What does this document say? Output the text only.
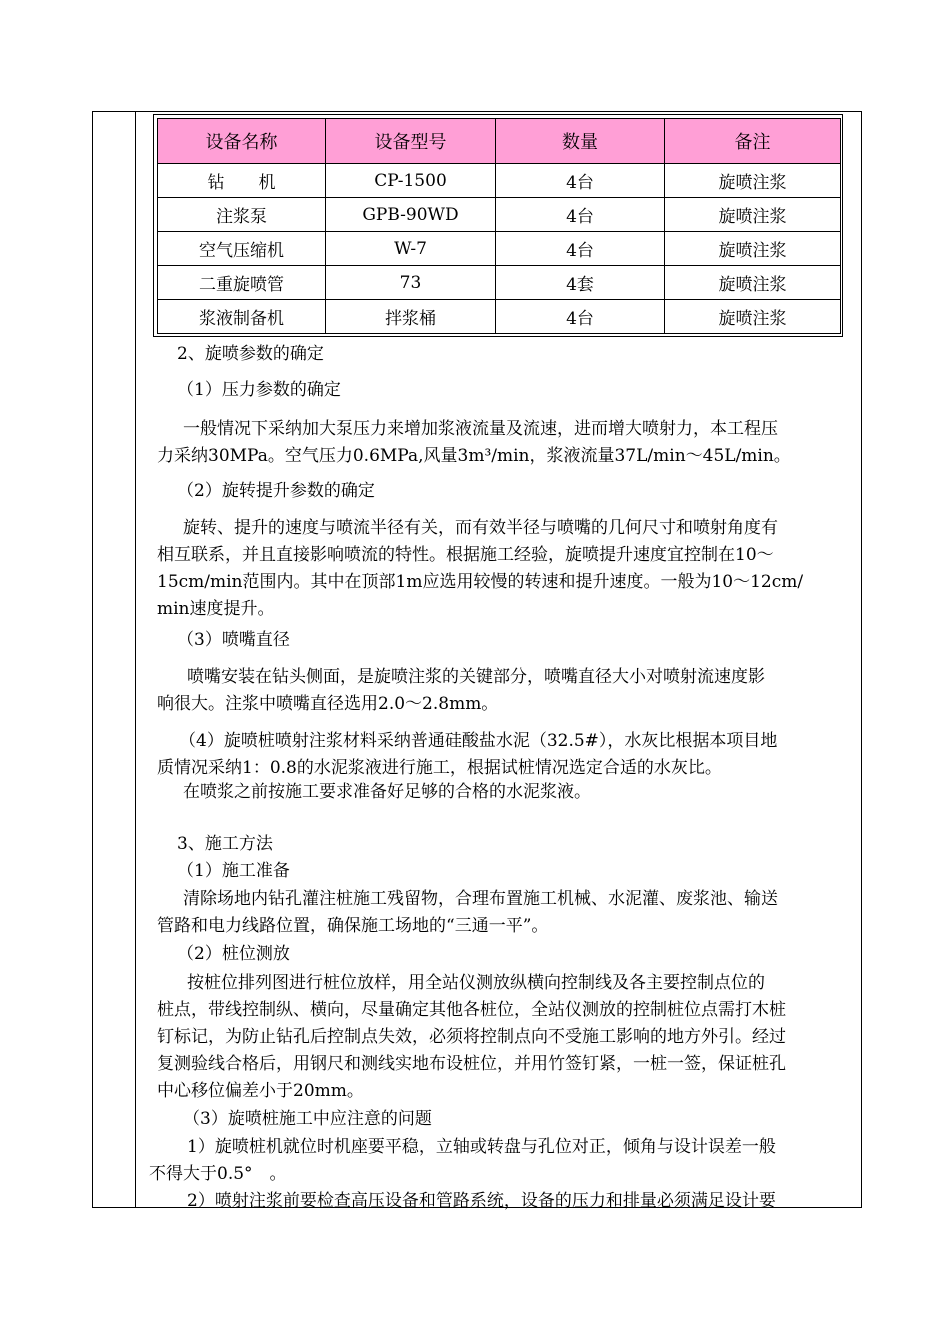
设备名称	设备型号	数量	备注
钻　　机	CP-1500	4台	旋喷注浆
注浆泵	GPB-90WD	4台	旋喷注浆
空气压缩机	W-7	4台	旋喷注浆
二重旋喷管	73	4套	旋喷注浆
浆液制备机	拌浆桶	4台	旋喷注浆

2、旋喷参数的确定

（1）压力参数的确定

一般情况下采纳加大泵压力来增加浆液流量及流速，进而增大喷射力，本工程压

力采纳30MPa。空气压力0.6MPa,风量3m³/min，浆液流量37L/min～45L/min。

（2）旋转提升参数的确定

旋转、提升的速度与喷流半径有关，而有效半径与喷嘴的几何尺寸和喷射角度有

相互联系，并且直接影响喷流的特性。根据施工经验，旋喷提升速度宜控制在10～

15cm/min范围内。其中在顶部1m应选用较慢的转速和提升速度。一般为10～12cm/

min速度提升。

（3）喷嘴直径

喷嘴安装在钻头侧面，是旋喷注浆的关键部分，喷嘴直径大小对喷射流速度影

响很大。注浆中喷嘴直径选用2.0～2.8mm。

（4）旋喷桩喷射注浆材料采纳普通硅酸盐水泥（32.5#），水灰比根据本项目地

质情况采纳1：0.8的水泥浆液进行施工，根据试桩情况选定合适的水灰比。

在喷浆之前按施工要求准备好足够的合格的水泥浆液。

3、施工方法

（1）施工准备

清除场地内钻孔灌注桩施工残留物，合理布置施工机械、水泥灌、废浆池、输送

管路和电力线路位置，确保施工场地的“三通一平”。

（2）桩位测放

按桩位排列图进行桩位放样，用全站仪测放纵横向控制线及各主要控制点位的

桩点，带线控制纵、横向，尽量确定其他各桩位，全站仪测放的控制桩位点需打木桩

钉标记，为防止钻孔后控制点失效，必须将控制点向不受施工影响的地方外引。经过

复测验线合格后，用钢尺和测线实地布设桩位，并用竹签钉紧，一桩一签，保证桩孔

中心移位偏差小于20mm。

（3）旋喷桩施工中应注意的问题

1）旋喷桩机就位时机座要平稳，立轴或转盘与孔位对正，倾角与设计误差一般

不得大于0.5°　。

2）喷射注浆前要检查高压设备和管路系统，设备的压力和排量必须满足设计要
